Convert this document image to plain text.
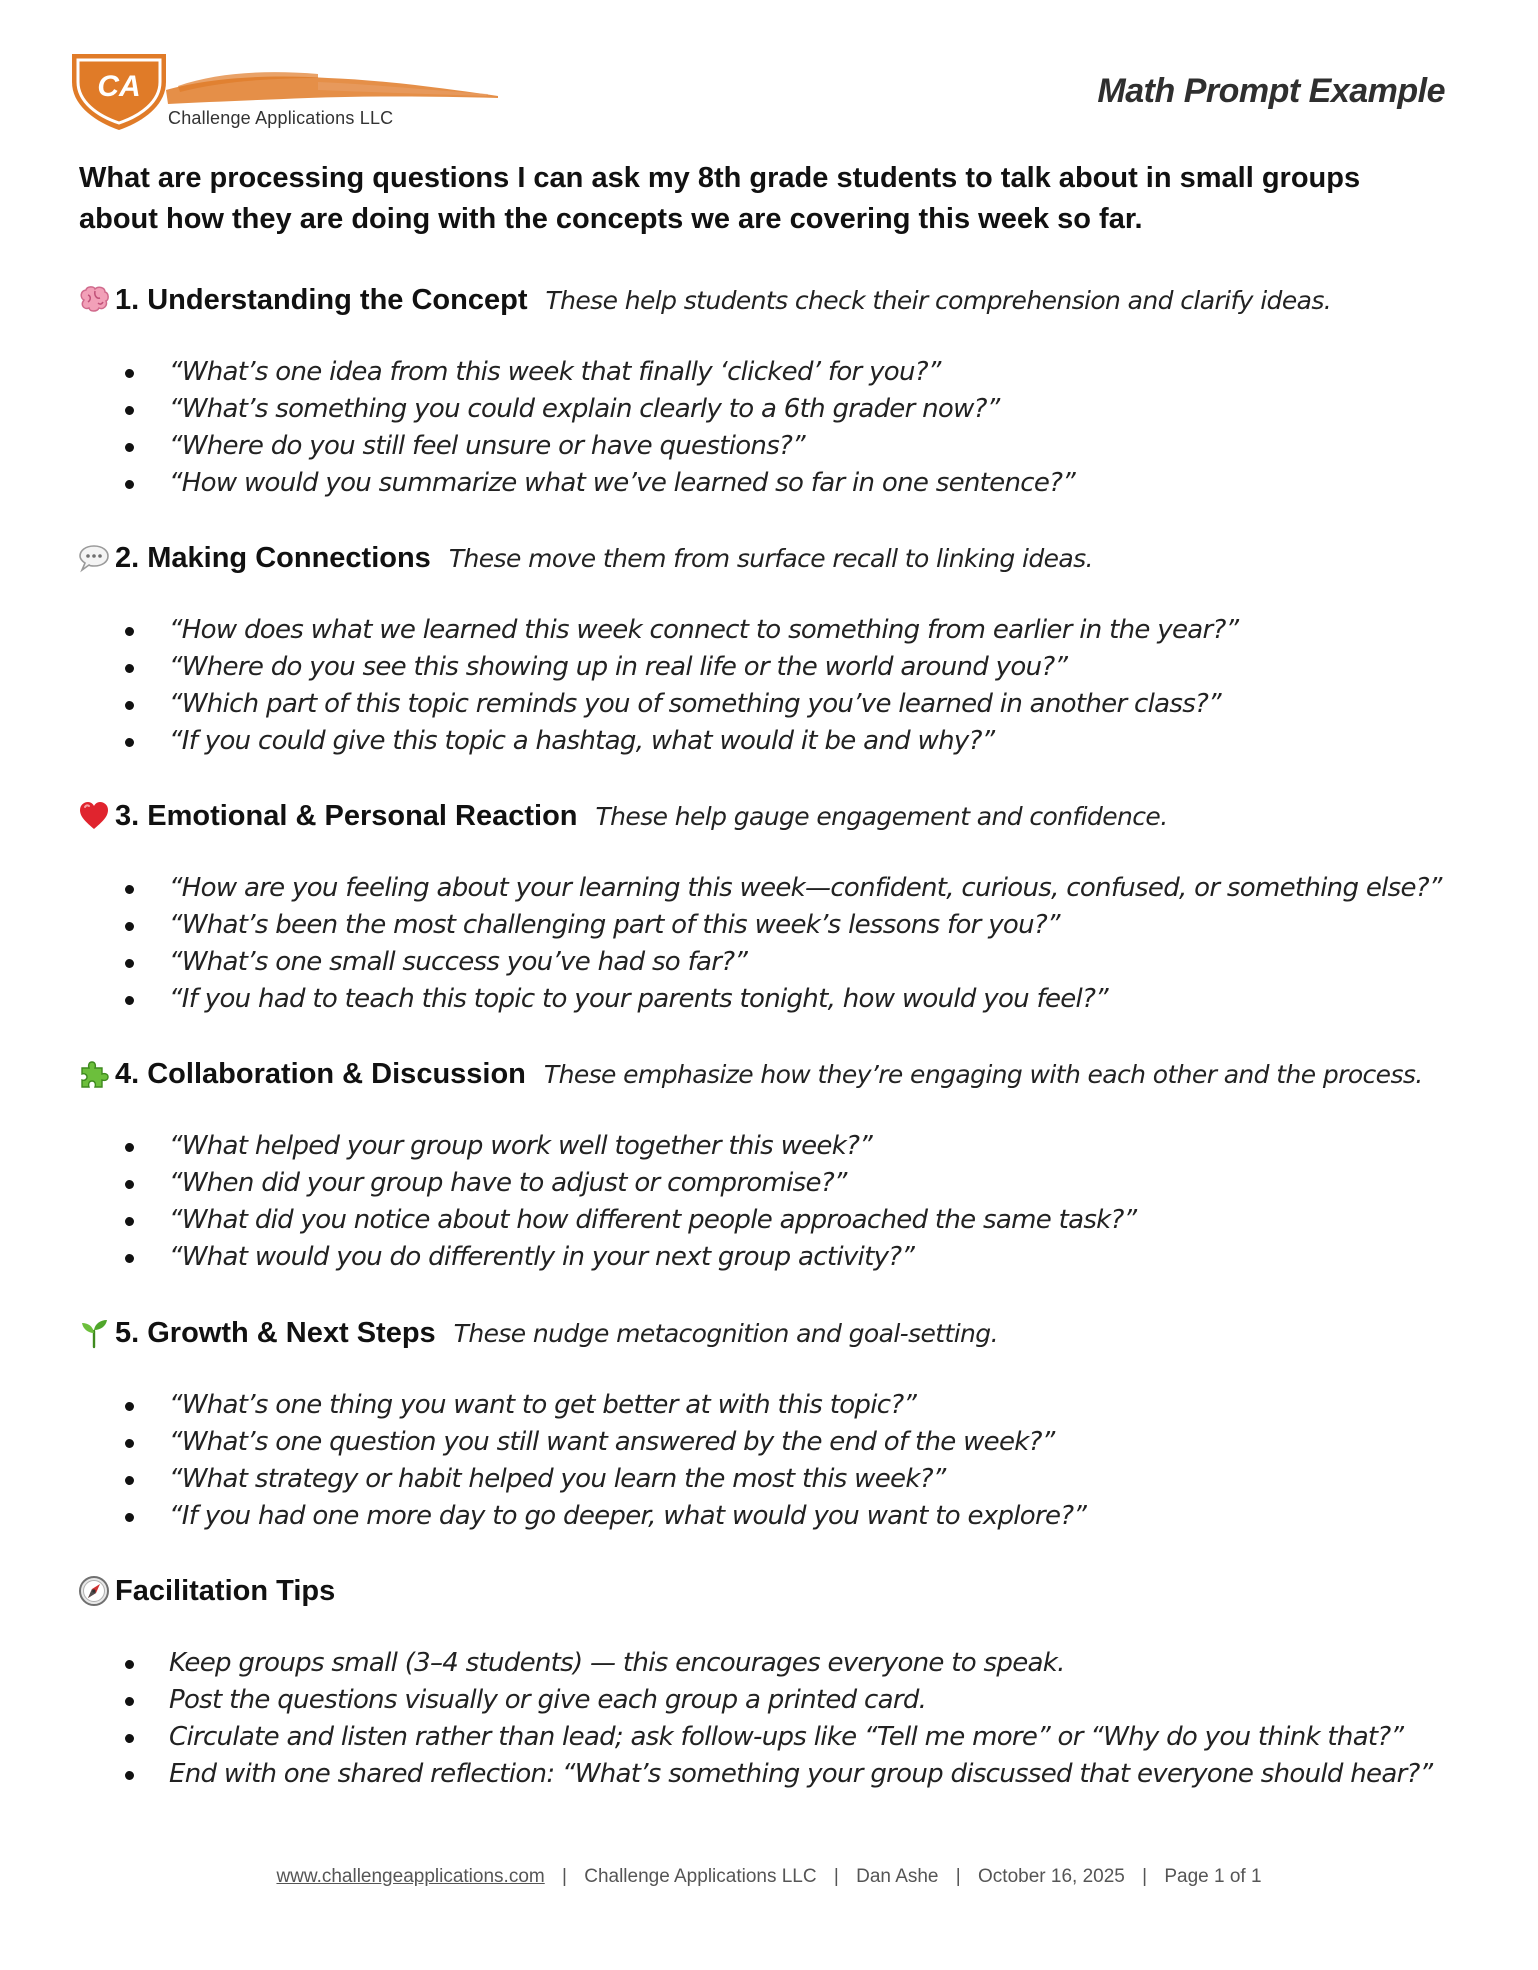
CA
Challenge Applications LLC
Math Prompt Example
What are processing questions I can ask my 8th grade students to talk about in small groups about how they are doing with the concepts we are covering this week so far.
1. Understanding the Concept These help students check their comprehension and clarify ideas.
“What’s one idea from this week that finally ‘clicked’ for you?”
“What’s something you could explain clearly to a 6th grader now?”
“Where do you still feel unsure or have questions?”
“How would you summarize what we’ve learned so far in one sentence?”
2. Making Connections These move them from surface recall to linking ideas.
“How does what we learned this week connect to something from earlier in the year?”
“Where do you see this showing up in real life or the world around you?”
“Which part of this topic reminds you of something you’ve learned in another class?”
“If you could give this topic a hashtag, what would it be and why?”
3. Emotional & Personal Reaction These help gauge engagement and confidence.
“How are you feeling about your learning this week—confident, curious, confused, or something else?”
“What’s been the most challenging part of this week’s lessons for you?”
“What’s one small success you’ve had so far?”
“If you had to teach this topic to your parents tonight, how would you feel?”
4. Collaboration & Discussion These emphasize how they’re engaging with each other and the process.
“What helped your group work well together this week?”
“When did your group have to adjust or compromise?”
“What did you notice about how different people approached the same task?”
“What would you do differently in your next group activity?”
5. Growth & Next Steps These nudge metacognition and goal-setting.
“What’s one thing you want to get better at with this topic?”
“What’s one question you still want answered by the end of the week?”
“What strategy or habit helped you learn the most this week?”
“If you had one more day to go deeper, what would you want to explore?”
Facilitation Tips
Keep groups small (3–4 students) — this encourages everyone to speak.
Post the questions visually or give each group a printed card.
Circulate and listen rather than lead; ask follow-ups like “Tell me more” or “Why do you think that?”
End with one shared reflection: “What’s something your group discussed that everyone should hear?”
www.challengeapplications.com | Challenge Applications LLC | Dan Ashe | October 16, 2025 | Page 1 of 1
